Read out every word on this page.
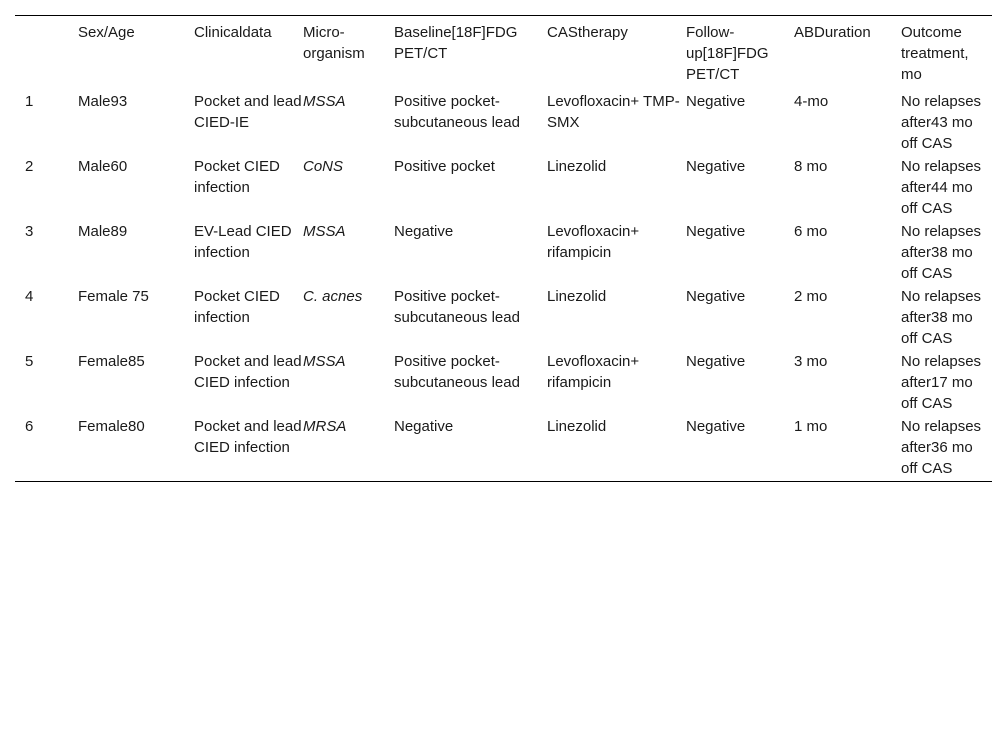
	Sex/Age	Clinicaldata	Micro-organism	Baseline[18F]FDG PET/CT	CAStherapy	Follow-up[18F]FDG PET/CT	ABDuration	Outcome treatment, mo
1	Male93	Pocket and lead CIED-IE	MSSA	Positive pocket-subcutaneous lead	Levofloxacin+ TMP-SMX	Negative	4-mo	No relapses after43 mo off CAS
2	Male60	Pocket CIED infection	CoNS	Positive pocket	Linezolid	Negative	8 mo	No relapses after44 mo off CAS
3	Male89	EV-Lead CIED infection	MSSA	Negative	Levofloxacin+ rifampicin	Negative	6 mo	No relapses after38 mo off CAS
4	Female 75	Pocket CIED infection	C. acnes	Positive pocket-subcutaneous lead	Linezolid	Negative	2 mo	No relapses after38 mo off CAS
5	Female85	Pocket and lead CIED infection	MSSA	Positive pocket-subcutaneous lead	Levofloxacin+ rifampicin	Negative	3 mo	No relapses after17 mo off CAS
6	Female80	Pocket and lead CIED infection	MRSA	Negative	Linezolid	Negative	1 mo	No relapses after36 mo off CAS
